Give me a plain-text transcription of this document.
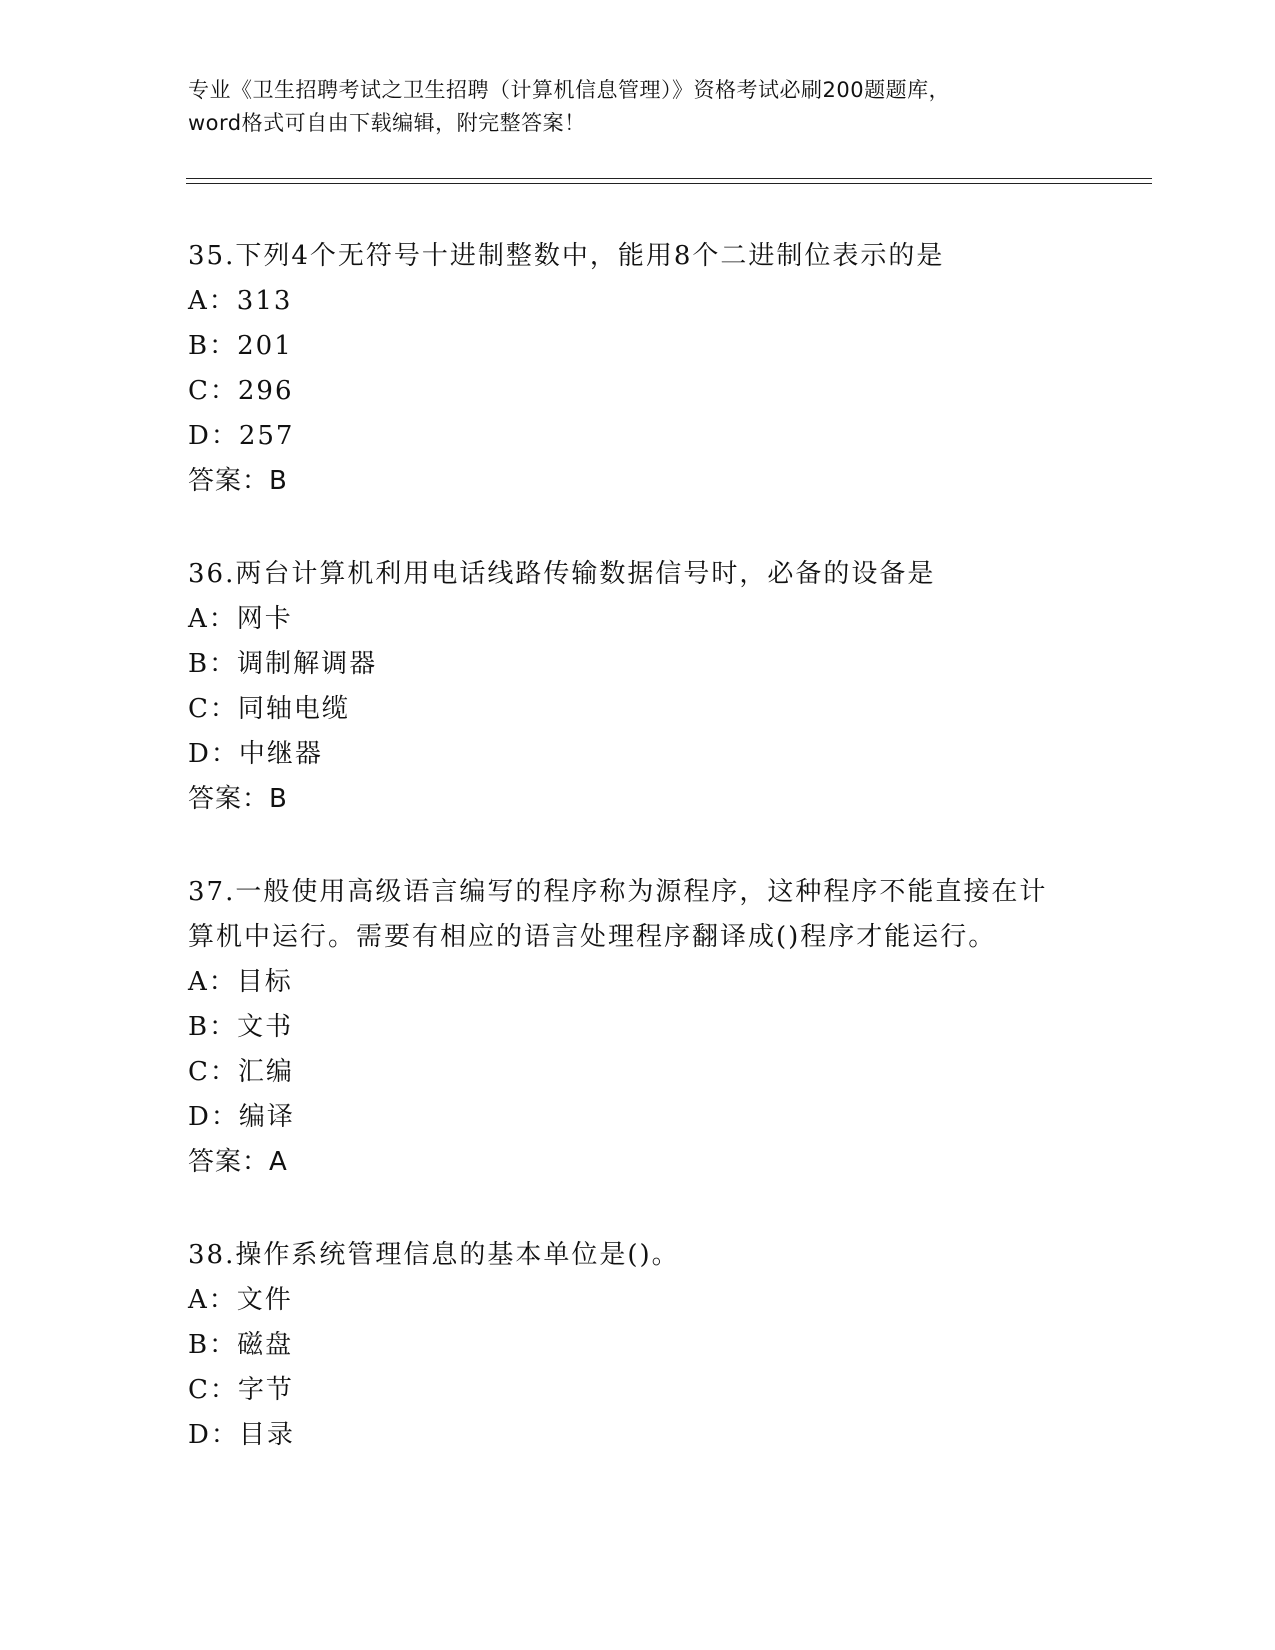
专业《卫生招聘考试之卫生招聘（计算机信息管理）》资格考试必刷200题题库，
word格式可自由下载编辑，附完整答案！

35.下列4个无符号十进制整数中，能用8个二进制位表示的是

A：313

B：201

C：296

D：257

答案：B

36.两台计算机利用电话线路传输数据信号时，必备的设备是

A：网卡

B：调制解调器

C：同轴电缆

D：中继器

答案：B

37.一般使用高级语言编写的程序称为源程序，这种程序不能直接在计

算机中运行。需要有相应的语言处理程序翻译成()程序才能运行。

A：目标

B：文书

C：汇编

D：编译

答案：A

38.操作系统管理信息的基本单位是()。

A：文件

B：磁盘

C：字节

D：目录
